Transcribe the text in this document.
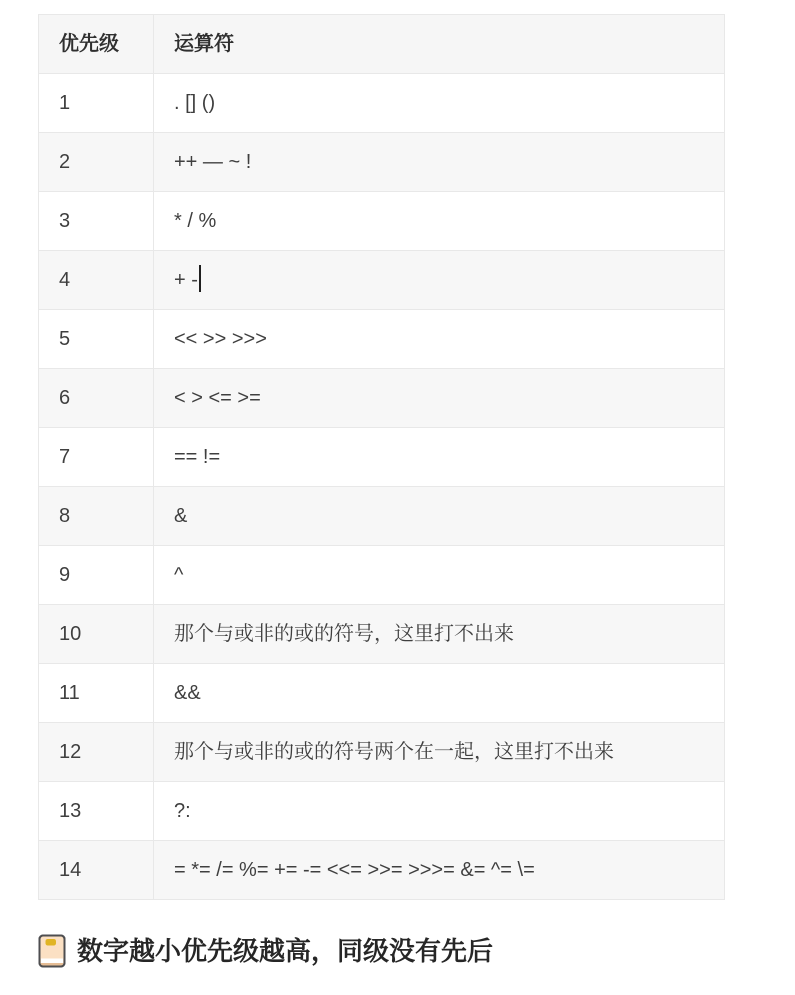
优先级	运算符
1	. [] ()
2	++ — ~ !
3	* / %
4	+ -
5	<< >> >>>
6	< > <= >=
7	== !=
8	&
9	^
10	那个与或非的或的符号，这里打不出来
11	&&
12	那个与或非的或的符号两个在一起，这里打不出来
13	?:
14	= *= /= %= += -= <<= >>= >>>= &= ^= \=

数字越小优先级越高，同级没有先后
